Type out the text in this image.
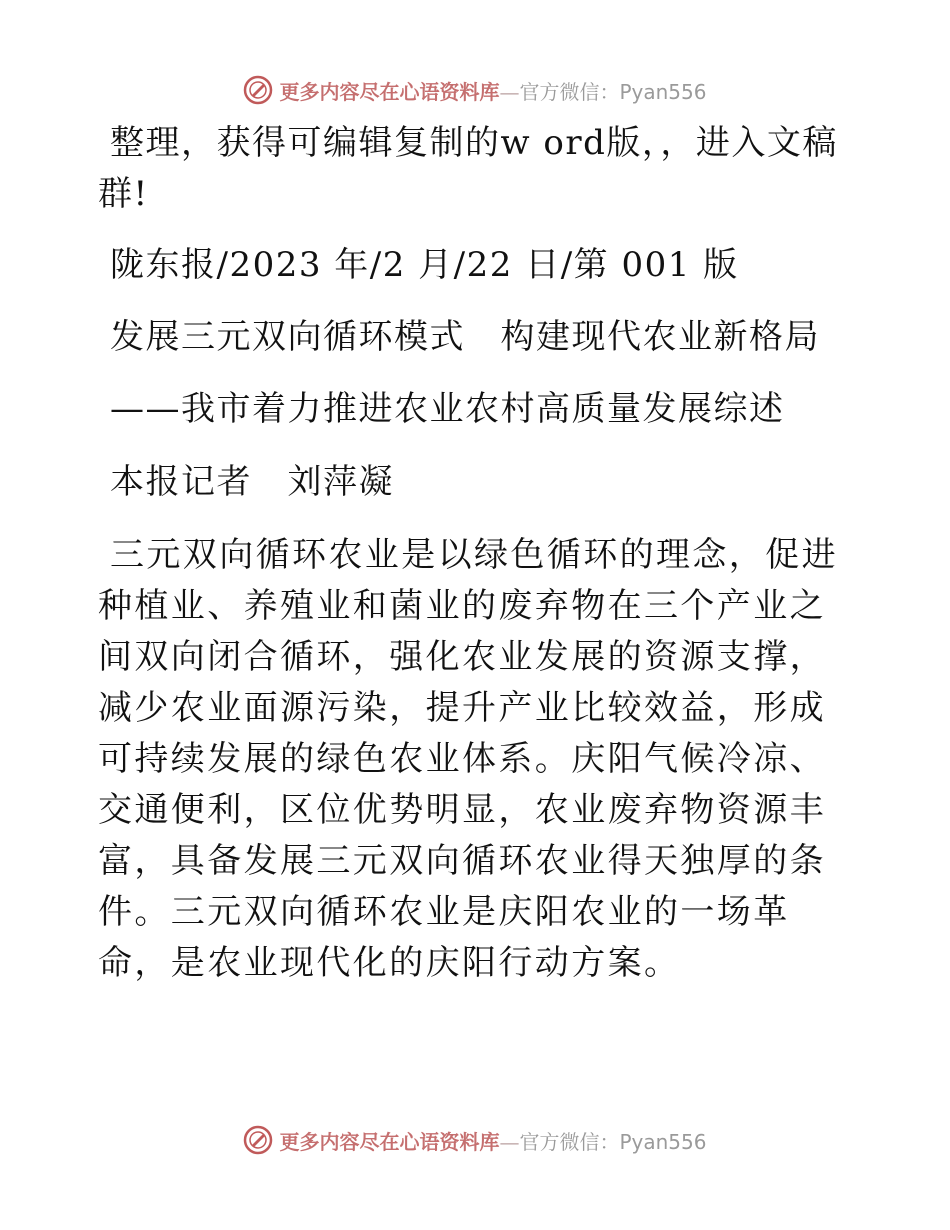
更多内容尽在心语资料库—官方微信：Pyan556

整理，获得可编辑复制的w ord版，，进入文稿群!

陇东报/2023 年/2 月/22 日/第 001 版

发展三元双向循环模式　构建现代农业新格局

——我市着力推进农业农村高质量发展综述

本报记者　刘萍凝

三元双向循环农业是以绿色循环的理念，促进种植业、养殖业和菌业的废弃物在三个产业之间双向闭合循环，强化农业发展的资源支撑，减少农业面源污染，提升产业比较效益，形成可持续发展的绿色农业体系。庆阳气候冷凉、交通便利，区位优势明显，农业废弃物资源丰富，具备发展三元双向循环农业得天独厚的条件。三元双向循环农业是庆阳农业的一场革命，是农业现代化的庆阳行动方案。

更多内容尽在心语资料库—官方微信：Pyan556
